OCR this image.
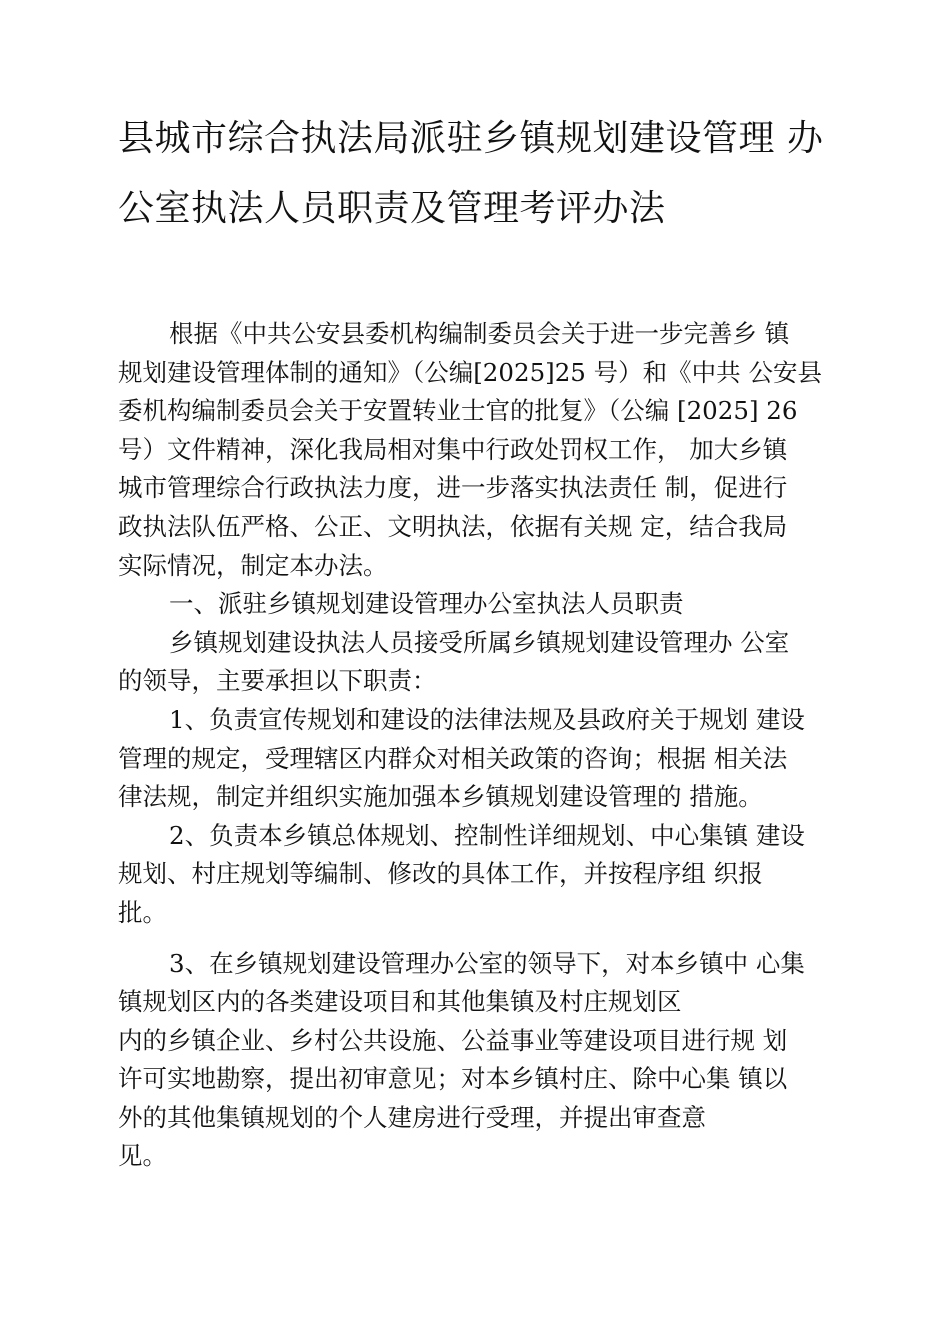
县城市综合执法局派驻乡镇规划建设管理 办
公室执法人员职责及管理考评办法
根据《中共公安县委机构编制委员会关于进一步完善乡 镇
规划建设管理体制的通知》（公编[2025]25 号）和《中共 公安县
委机构编制委员会关于安置转业士官的批复》（公编 [2025] 26
号）文件精神，深化我局相对集中行政处罚权工作， 加大乡镇
城市管理综合行政执法力度，进一步落实执法责任 制，促进行
政执法队伍严格、公正、文明执法，依据有关规 定，结合我局
实际情况，制定本办法。
一、派驻乡镇规划建设管理办公室执法人员职责
乡镇规划建设执法人员接受所属乡镇规划建设管理办 公室
的领导，主要承担以下职责：
1、负责宣传规划和建设的法律法规及县政府关于规划 建设
管理的规定，受理辖区内群众对相关政策的咨询；根据 相关法
律法规，制定并组织实施加强本乡镇规划建设管理的 措施。
2、负责本乡镇总体规划、控制性详细规划、中心集镇 建设
规划、村庄规划等编制、修改的具体工作，并按程序组 织报
批。
3、在乡镇规划建设管理办公室的领导下，对本乡镇中 心集
镇规划区内的各类建设项目和其他集镇及村庄规划区
内的乡镇企业、乡村公共设施、公益事业等建设项目进行规 划
许可实地勘察，提出初审意见；对本乡镇村庄、除中心集 镇以
外的其他集镇规划的个人建房进行受理，并提出审查意
见。
